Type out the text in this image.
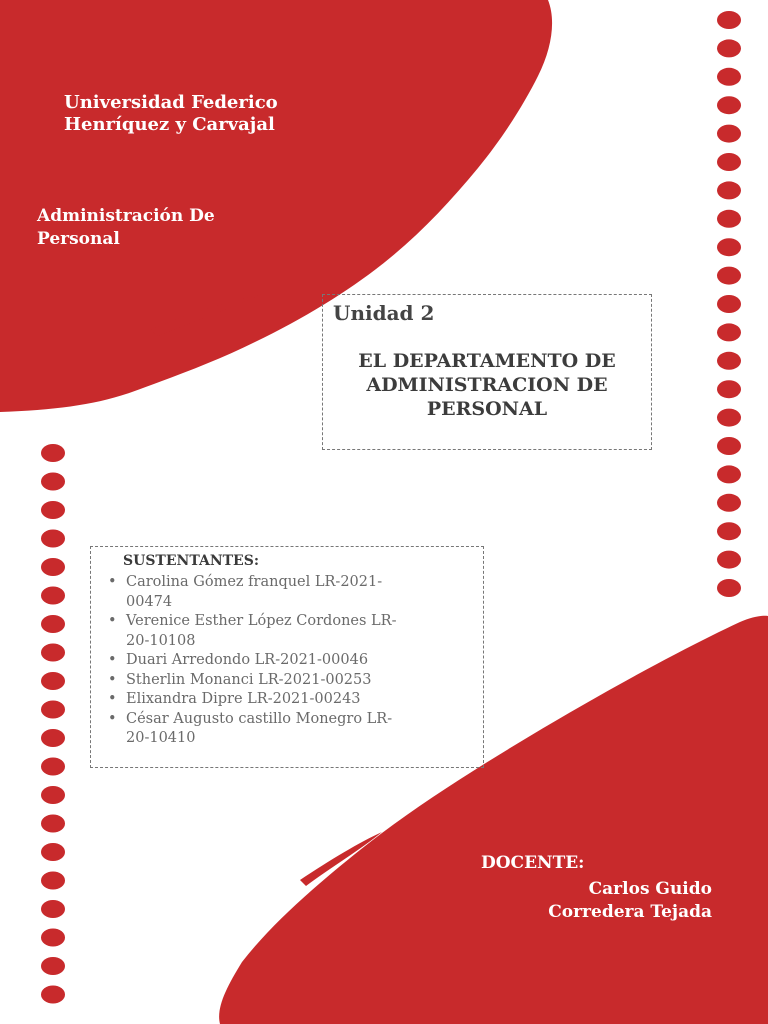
Universidad Federico
Henríquez y Carvajal
Administración De
Personal
Unidad 2
EL DEPARTAMENTO DE
ADMINISTRACION DE
PERSONAL
SUSTENTANTES:
• Carolina Gómez franquel LR-2021-
00474
• Verenice Esther López Cordones LR-
20-10108
• Duari Arredondo LR-2021-00046
• Stherlin Monanci LR-2021-00253
• Elixandra Dipre LR-2021-00243
• César Augusto castillo Monegro LR-
20-10410
DOCENTE:
Carlos Guido
Corredera Tejada
